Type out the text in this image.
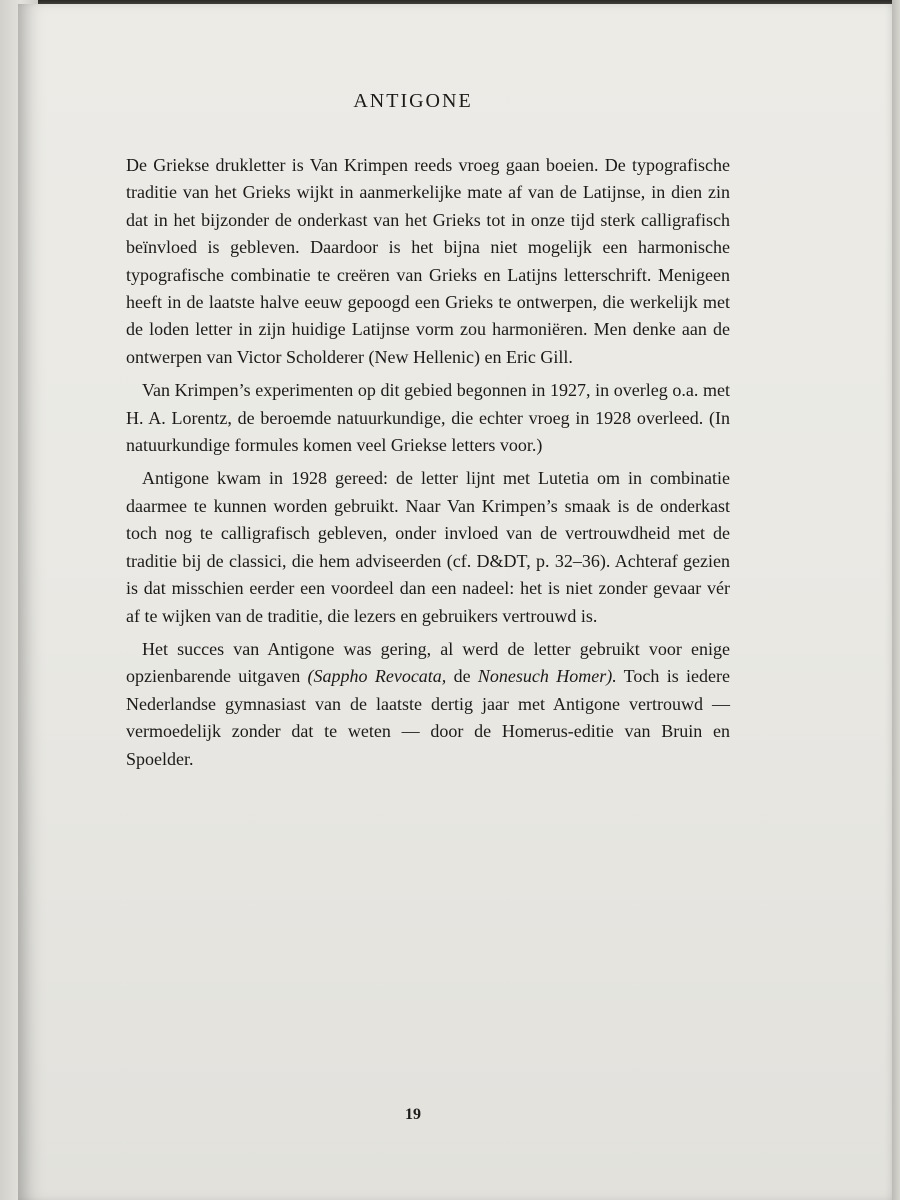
ANTIGONE

De Griekse drukletter is Van Krimpen reeds vroeg gaan boeien. De typografische traditie van het Grieks wijkt in aanmerkelijke mate af van de Latijnse, in dien zin dat in het bijzonder de onderkast van het Grieks tot in onze tijd sterk calligrafisch beïnvloed is gebleven. Daardoor is het bijna niet mogelijk een harmonische typografische combinatie te creëren van Grieks en Latijns letterschrift. Menigeen heeft in de laatste halve eeuw gepoogd een Grieks te ontwerpen, die werkelijk met de loden letter in zijn huidige Latijnse vorm zou harmoniëren. Men denke aan de ontwerpen van Victor Scholderer (New Hellenic) en Eric Gill.

Van Krimpen’s experimenten op dit gebied begonnen in 1927, in overleg o.a. met H. A. Lorentz, de beroemde natuurkundige, die echter vroeg in 1928 overleed. (In natuurkundige formules komen veel Griekse letters voor.)

Antigone kwam in 1928 gereed: de letter lijnt met Lutetia om in combinatie daarmee te kunnen worden gebruikt. Naar Van Krimpen’s smaak is de onderkast toch nog te calligrafisch gebleven, onder invloed van de vertrouwdheid met de traditie bij de classici, die hem adviseerden (cf. D&DT, p. 32–36). Achteraf gezien is dat misschien eerder een voordeel dan een nadeel: het is niet zonder gevaar vér af te wijken van de traditie, die lezers en gebruikers vertrouwd is.

Het succes van Antigone was gering, al werd de letter gebruikt voor enige opzienbarende uitgaven (Sappho Revocata, de Nonesuch Homer). Toch is iedere Nederlandse gymnasiast van de laatste dertig jaar met Antigone vertrouwd — vermoedelijk zonder dat te weten — door de Homerus-editie van Bruin en Spoelder.

19
